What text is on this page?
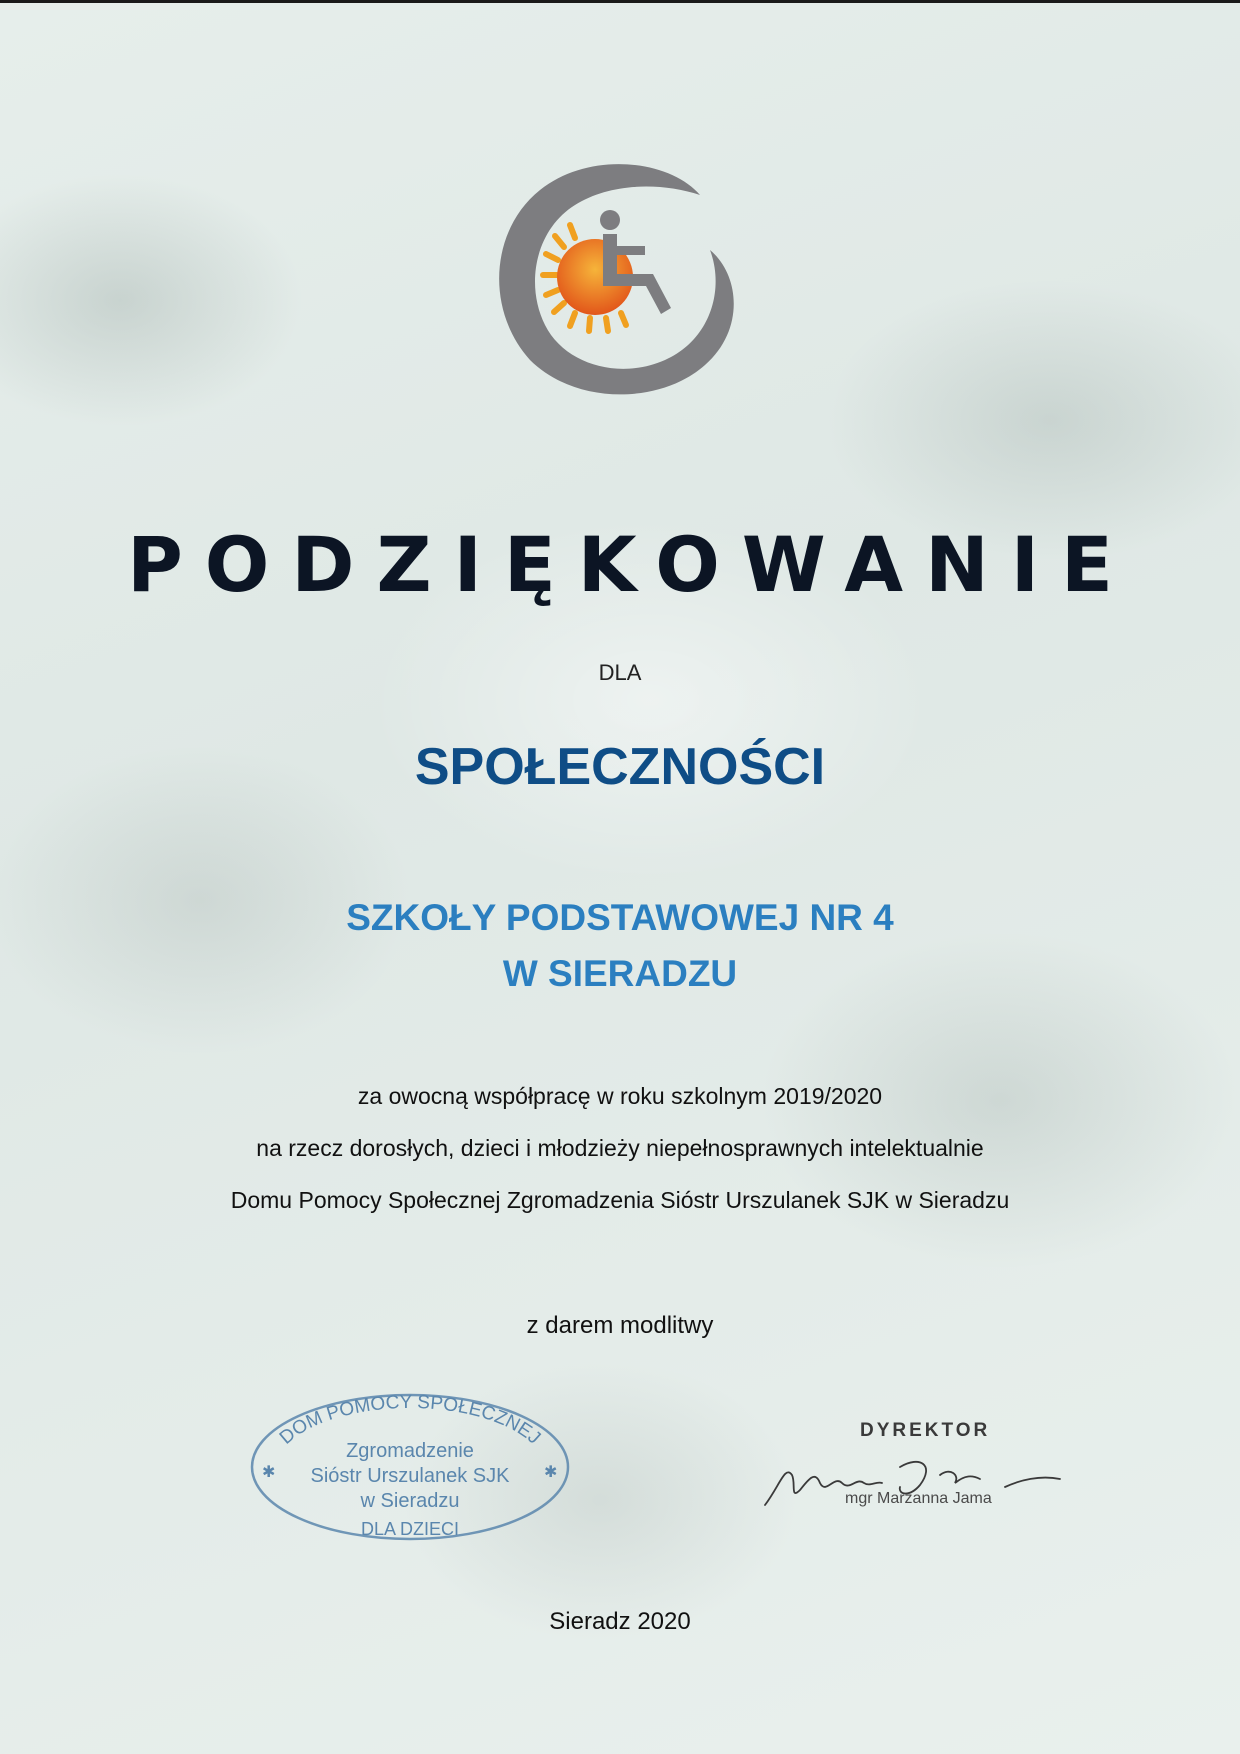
PODZIĘKOWANIE
DLA
SPOŁECZNOŚCI
SZKOŁY PODSTAWOWEJ NR 4
W SIERADZU
za owocną współpracę w roku szkolnym 2019/2020
na rzecz dorosłych, dzieci i młodzieży niepełnosprawnych intelektualnie
Domu Pomocy Społecznej Zgromadzenia Sióstr Urszulanek SJK w Sieradzu
z darem modlitwy
DOM POMOCY SPOŁECZNEJ
Zgromadzenie
Sióstr Urszulanek SJK
w Sieradzu
✱	✱
DLA DZIECI
DYREKTOR
mgr Marzanna Jama
Sieradz 2020
